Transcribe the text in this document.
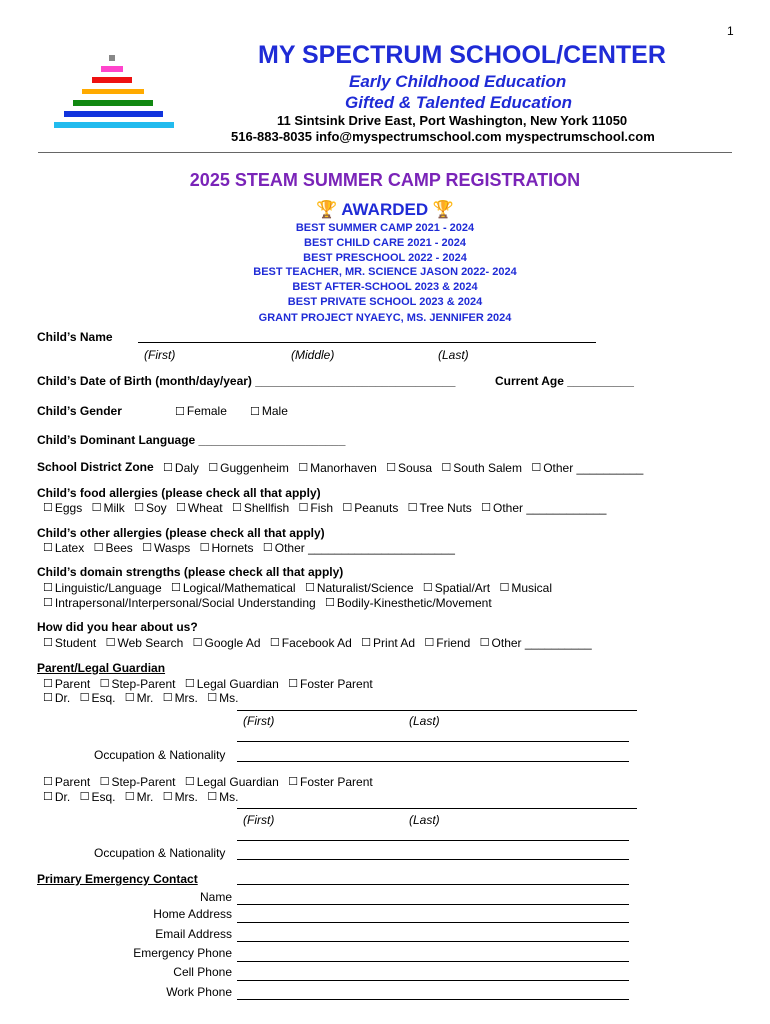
1
MY SPECTRUM SCHOOL/CENTER
Early Childhood Education
Gifted & Talented Education
11 Sintsink Drive East, Port Washington, New York 11050
516-883-8035 info@myspectrumschool.com myspectrumschool.com
2025 STEAM SUMMER CAMP REGISTRATION
🏆 AWARDED 🏆
BEST SUMMER CAMP 2021 - 2024
BEST CHILD CARE 2021 - 2024
BEST PRESCHOOL 2022 - 2024
BEST TEACHER, MR. SCIENCE JASON 2022- 2024
BEST AFTER-SCHOOL 2023 & 2024
BEST PRIVATE SCHOOL 2023 & 2024
GRANT PROJECT NYAEYC, MS. JENNIFER 2024
Child’s Name
(First)	(Middle)	(Last)
Child’s Date of Birth (month/day/year) ______________________________	Current Age __________
Child’s Gender	☐ Female ☐ Male
Child’s Dominant Language ______________________
School District Zone ☐ Daly
☐ Guggenheim
☐ Manorhaven
☐ Sousa
☐ South Salem
☐ Other __________
Child’s food allergies (please check all that apply)
☐ Eggs
☐ Milk
☐ Soy
☐ Wheat
☐ Shellfish
☐ Fish
☐ Peanuts
☐ Tree Nuts
☐ Other ____________
Child’s other allergies (please check all that apply)
☐ Latex
☐ Bees
☐ Wasps
☐ Hornets
☐ Other ______________________
Child’s domain strengths (please check all that apply)
☐ Linguistic/Language
☐ Logical/Mathematical
☐ Naturalist/Science
☐ Spatial/Art
☐ Musical
☐ Intrapersonal/Interpersonal/Social Understanding
☐ Bodily-Kinesthetic/Movement
How did you hear about us?
☐ Student
☐ Web Search
☐ Google Ad
☐ Facebook Ad
☐ Print Ad
☐ Friend
☐ Other __________
Parent/Legal Guardian
☐ Parent
☐ Step-Parent
☐ Legal Guardian
☐ Foster Parent
☐ Dr.
☐ Esq.
☐ Mr.
☐ Mrs.
☐ Ms.
(First)	(Last)
Occupation & Nationality
☐ Parent
☐ Step-Parent
☐ Legal Guardian
☐ Foster Parent
☐ Dr.
☐ Esq.
☐ Mr.
☐ Mrs.
☐ Ms.
(First)	(Last)
Occupation & Nationality
Primary Emergency Contact
Name
Home Address
Email Address
Emergency Phone
Cell Phone
Work Phone
